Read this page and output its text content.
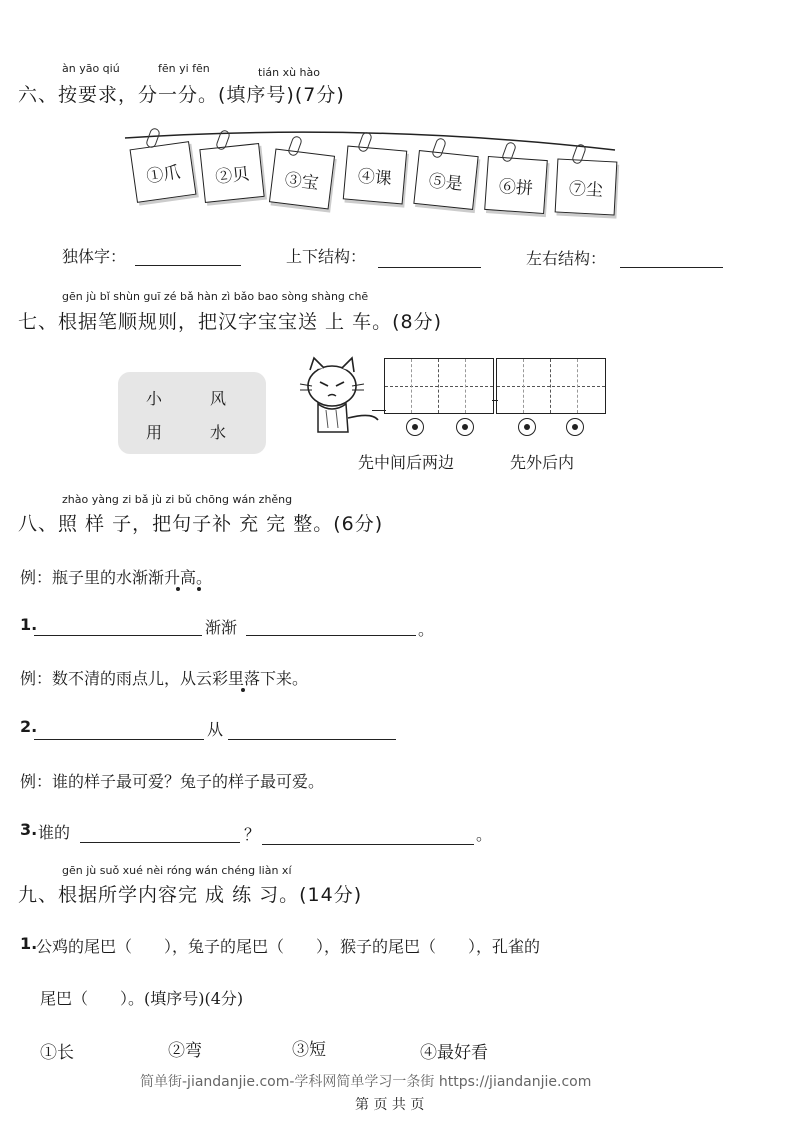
àn yāo qiú	fēn yi fēn	tián xù hào
六、按要求，分一分。(填序号)(7分)
①爪	②贝	③宝	④课	⑤是	⑥拼	⑦尘
独体字：	上下结构：	左右结构：
gēn jù bǐ shùn guī zé bǎ hàn zì bǎo bao sòng shàng chē
七、根据笔顺规则，把汉字宝宝送 上 车。(8分)
小	风
用	水
先中间后两边	先外后内
zhào yàng zi bǎ jù zi bǔ chōng wán zhěng
八、照 样 子，把句子补 充 完 整。(6分)
例：瓶子里的水渐渐升高。
1.	渐渐	。
例：数不清的雨点儿，从云彩里落下来。
2.	从
例：谁的样子最可爱？兔子的样子最可爱。
3. 谁的	？	。
gēn jù suǒ xué nèi róng wán chéng liàn xí
九、根据所学内容完 成 练 习。(14分)
1.
公鸡的尾巴（　　），兔子的尾巴（　　），猴子的尾巴（　　），孔雀的
尾巴（　　）。(填序号)(4分)
①长	②弯	③短	④最好看
简单街-jiandanjie.com-学科网简单学习一条街 https://jiandanjie.com
第 页 共 页
